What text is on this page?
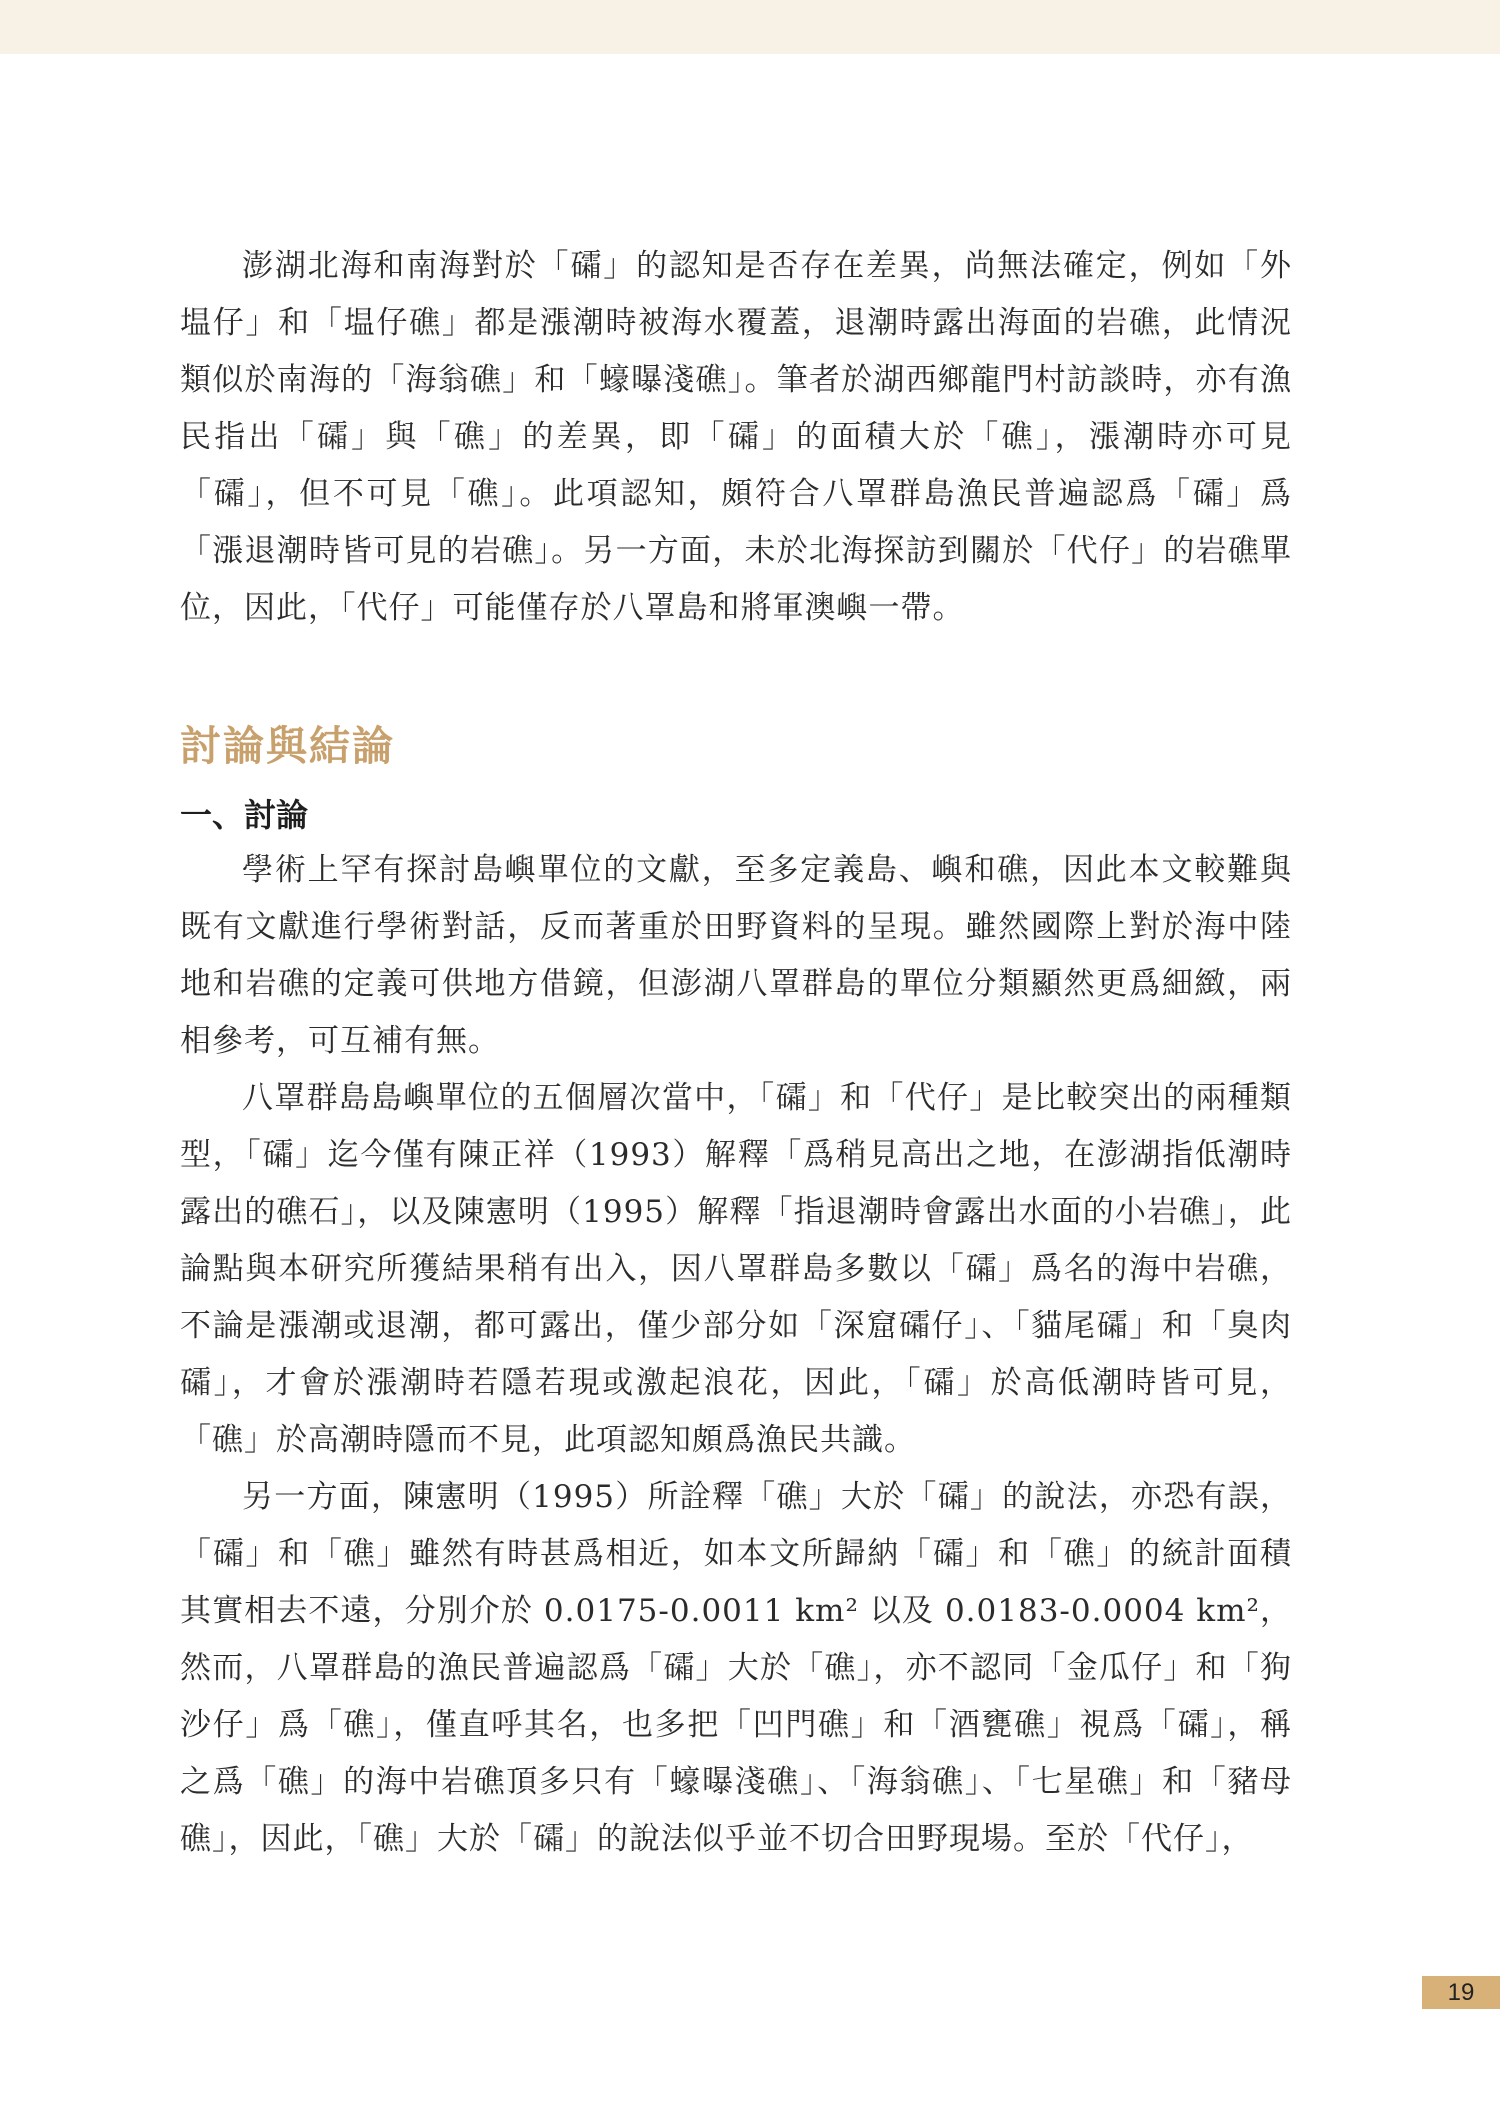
澎湖北海和南海對於「礵」的認知是否存在差異，尚無法確定，例如「外塭仔」和「塭仔礁」都是漲潮時被海水覆蓋，退潮時露出海面的岩礁，此情況類似於南海的「海翁礁」和「蠔曝淺礁」。筆者於湖西鄉龍門村訪談時，亦有漁民指出「礵」與「礁」的差異，即「礵」的面積大於「礁」，漲潮時亦可見「礵」，但不可見「礁」。此項認知，頗符合八罩群島漁民普遍認爲「礵」爲「漲退潮時皆可見的岩礁」。另一方面，未於北海探訪到關於「代仔」的岩礁單位，因此，「代仔」可能僅存於八罩島和將軍澳嶼一帶。

討論與結論
一、討論

學術上罕有探討島嶼單位的文獻，至多定義島、嶼和礁，因此本文較難與既有文獻進行學術對話，反而著重於田野資料的呈現。雖然國際上對於海中陸地和岩礁的定義可供地方借鏡，但澎湖八罩群島的單位分類顯然更爲細緻，兩相參考，可互補有無。

八罩群島島嶼單位的五個層次當中，「礵」和「代仔」是比較突出的兩種類型，「礵」迄今僅有陳正祥（1993）解釋「爲稍見高出之地，在澎湖指低潮時露出的礁石」，以及陳憲明（1995）解釋「指退潮時會露出水面的小岩礁」，此論點與本研究所獲結果稍有出入，因八罩群島多數以「礵」爲名的海中岩礁，不論是漲潮或退潮，都可露出，僅少部分如「深窟礵仔」、「貓尾礵」和「臭肉礵」，才會於漲潮時若隱若現或激起浪花，因此，「礵」於高低潮時皆可見，「礁」於高潮時隱而不見，此項認知頗爲漁民共識。

另一方面，陳憲明（1995）所詮釋「礁」大於「礵」的說法，亦恐有誤，「礵」和「礁」雖然有時甚爲相近，如本文所歸納「礵」和「礁」的統計面積其實相去不遠，分別介於 0.0175-0.0011 km² 以及 0.0183-0.0004 km²，然而，八罩群島的漁民普遍認爲「礵」大於「礁」，亦不認同「金瓜仔」和「狗沙仔」爲「礁」，僅直呼其名，也多把「凹門礁」和「酒甕礁」視爲「礵」，稱之爲「礁」的海中岩礁頂多只有「蠔曝淺礁」、「海翁礁」、「七星礁」和「豬母礁」，因此，「礁」大於「礵」的說法似乎並不切合田野現場。至於「代仔」，

19
